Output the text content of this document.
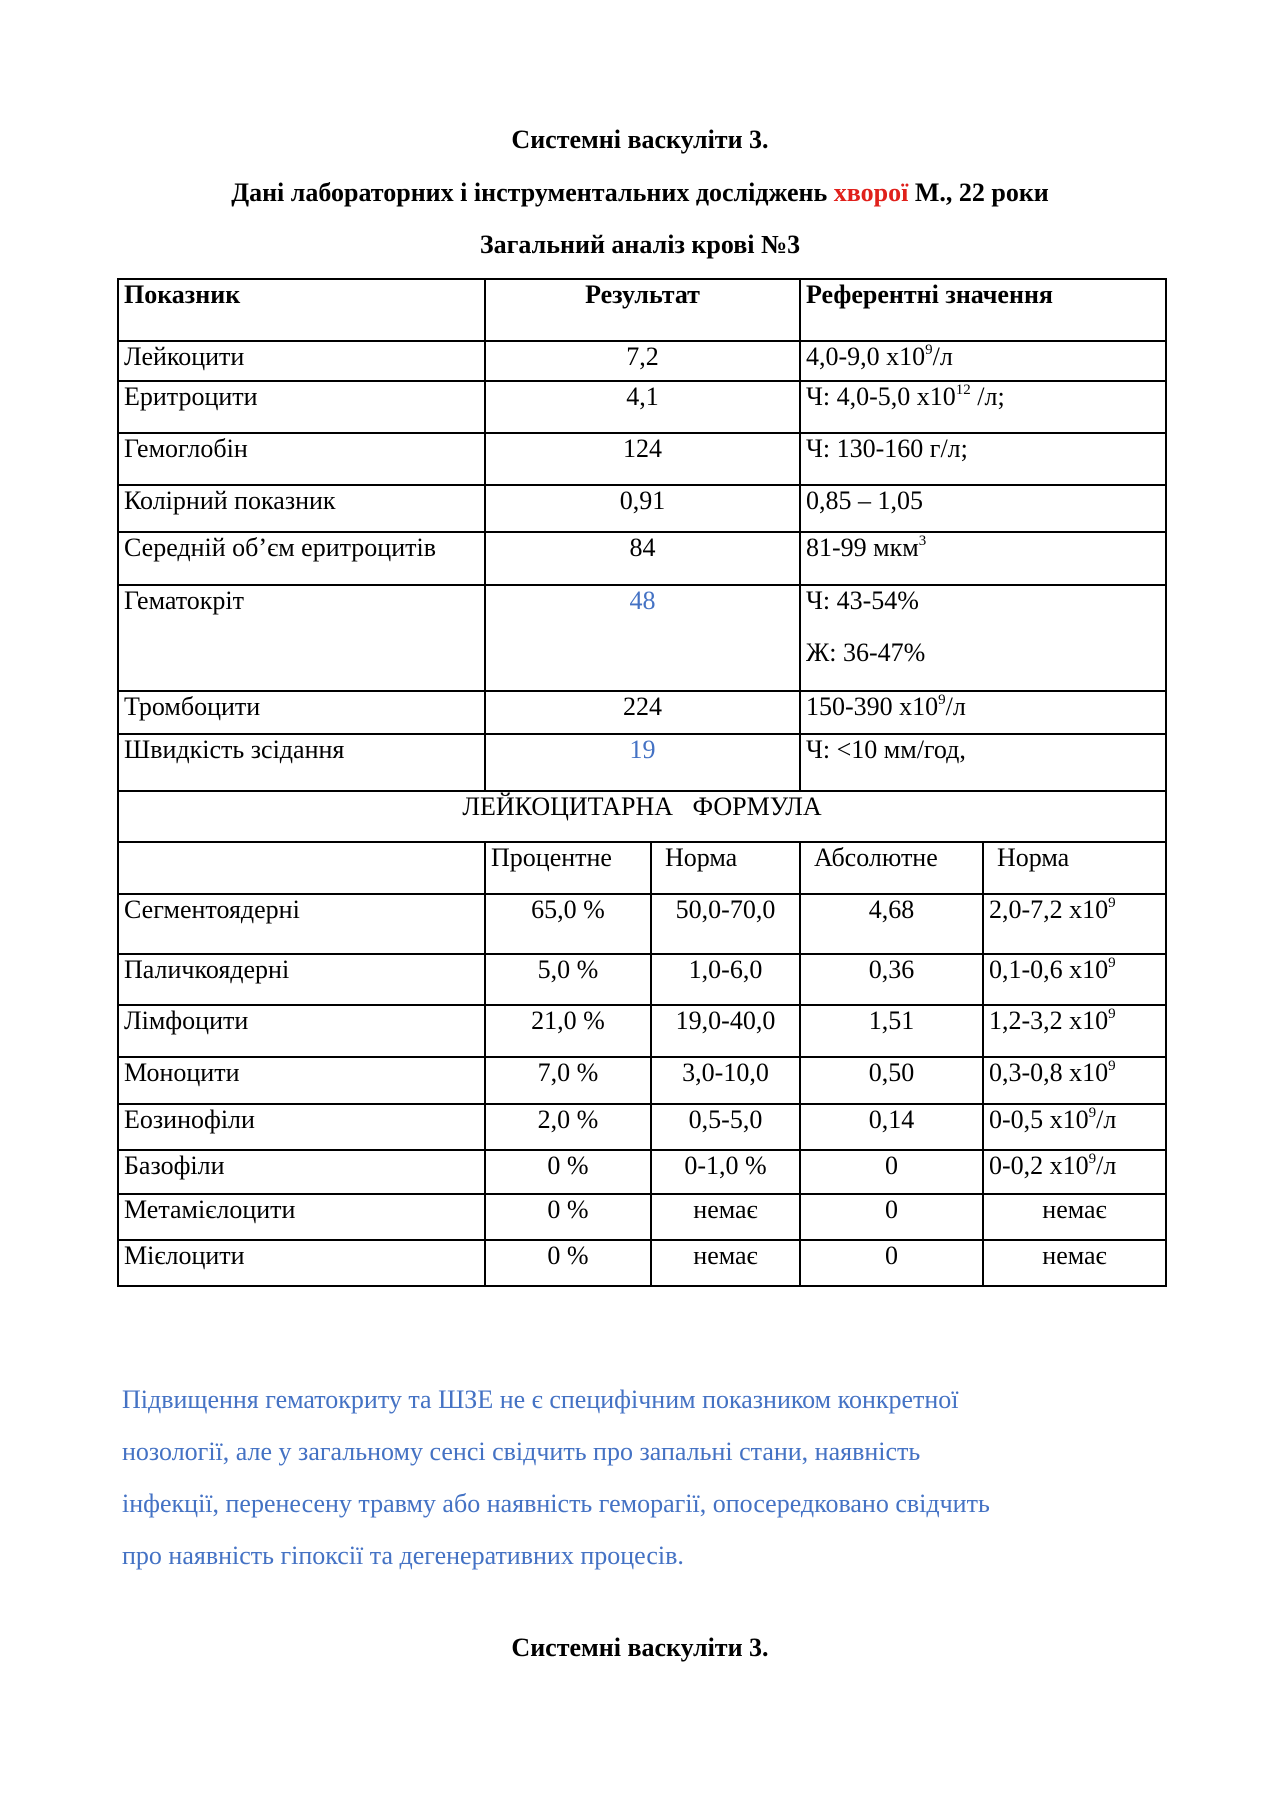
Системні васкуліти 3.
Дані лабораторних і інструментальних досліджень хворої М., 22 роки
Загальний аналіз крові №3
Показник	Результат		Референтні значення	
Лейкоцити	7,2		4,0-9,0 $х10^9/л$	
Еритроцити	4,1		Ч: 4,0-5,0 $х10^{12}$ /л;	
Гемоглобін	124		Ч: 130-160 г/л;	
Колірний показник	0,91		0,85 – 1,05	
Середній об’єм еритроцитів	84		81-99 мкм$^3$
Гематокріт	48		Ч: 43-54%
Ж: 36-47%	

Тромбоцити	224		150-390 $х10^9/л$	
Швидкість зсідання	19		Ч: <10 мм/год,	
ЛЕЙКОЦИТАРНА   ФОРМУЛА				
	Процентне	Норма	Абсолютне	Норма
Сегментоядерні	65,0 %	50,0-70,0	4,68	2,0-7,2 $х10^9$
Паличкоядерні	5,0 %	1,0-6,0	0,36	0,1-0,6 $х10^9$
Лімфоцити	21,0 %	19,0-40,0	1,51	1,2-3,2 $х10^9$
Моноцити	7,0 %	3,0-10,0	0,50	0,3-0,8 $х10^9$
Еозинофіли	2,0 %	0,5-5,0	0,14	0-0,5 $х10^9/л$
Базофіли	0 %	0-1,0 %	0	0-0,2 $х10^9/л$
Метамієлоцити	0 %	немає	0	немає
Мієлоцити	0 %	немає	0	немає
Підвищення гематокриту та ШЗЕ не є специфічним показником конкретної
нозології, але у загальному сенсі свідчить про запальні стани, наявність
інфекції, перенесену травму або наявність геморагії, опосередковано свідчить
про наявність гіпоксії та дегенеративних процесів.
Системні васкуліти 3.
